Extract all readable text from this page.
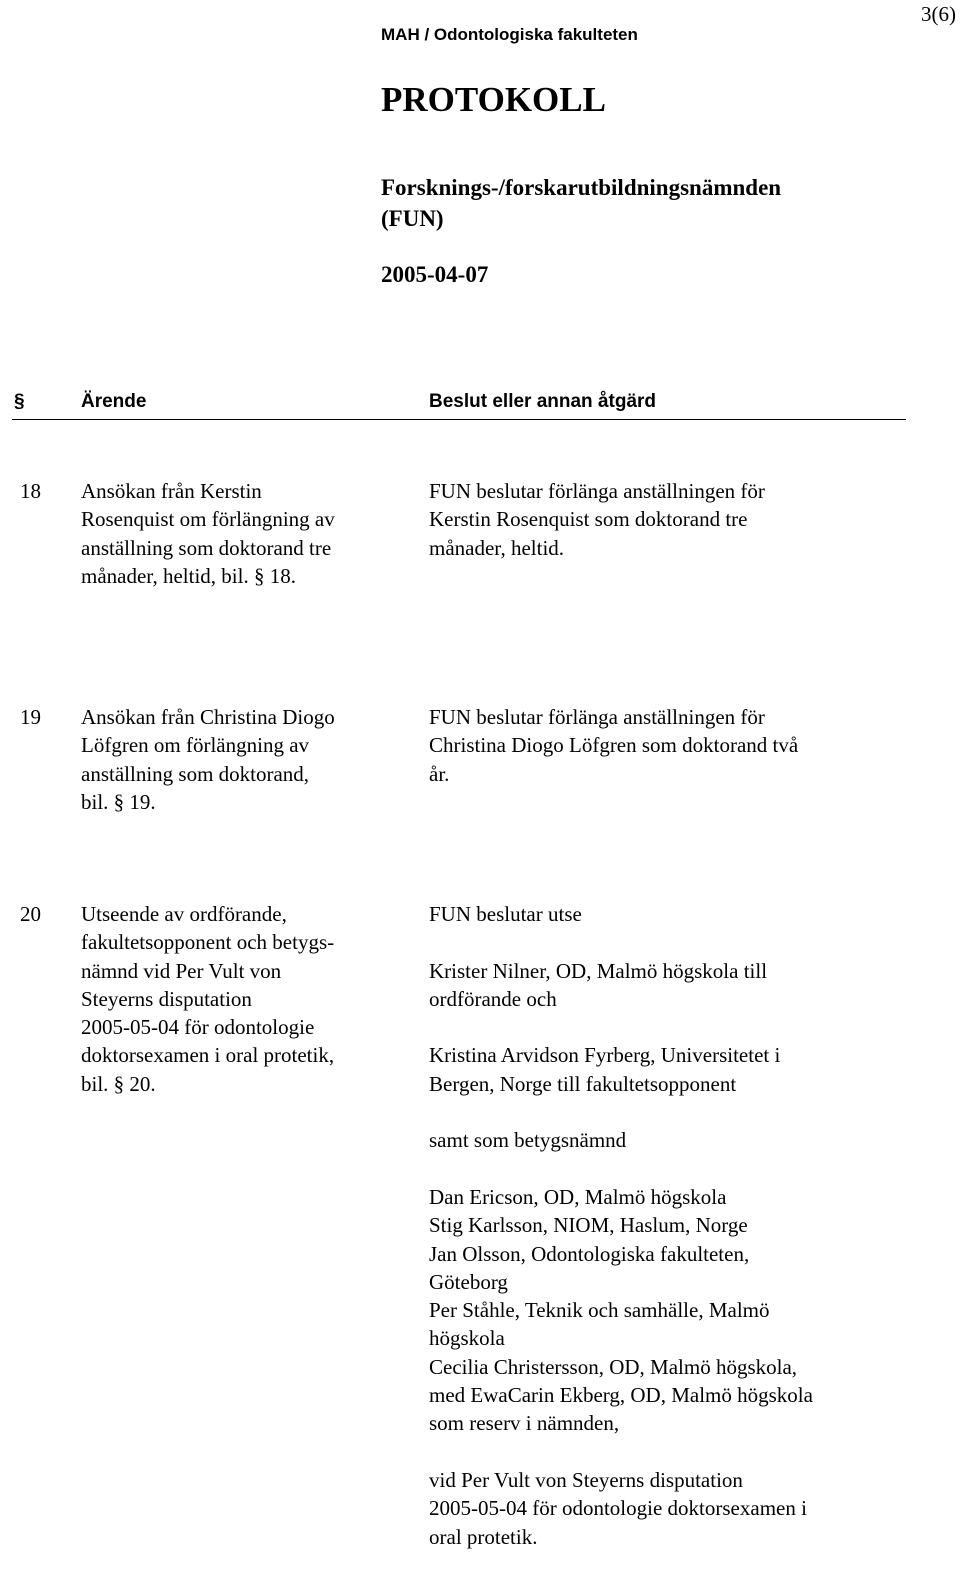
MAH / Odontologiska fakulteten
3(6)
PROTOKOLL
Forsknings-/forskarutbildningsnämnden
(FUN)
2005-04-07
§	Ärende	Beslut eller annan åtgärd
18 Ansökan från Kerstin
Rosenquist om förlängning av
anställning som doktorand tre
månader, heltid, bil. § 18.
FUN beslutar förlänga anställningen för
Kerstin Rosenquist som doktorand tre
månader, heltid.
19 Ansökan från Christina Diogo
Löfgren om förlängning av
anställning som doktorand,
bil. § 19.
FUN beslutar förlänga anställningen för
Christina Diogo Löfgren som doktorand två
år.
20 Utseende av ordförande,
fakultetsopponent och betygs-
nämnd vid Per Vult von
Steyerns disputation
2005-05-04 för odontologie
doktorsexamen i oral protetik,
bil. § 20.
FUN beslutar utse
Krister Nilner, OD, Malmö högskola till
ordförande och
Kristina Arvidson Fyrberg, Universitetet i
Bergen, Norge till fakultetsopponent
samt som betygsnämnd
Dan Ericson, OD, Malmö högskola
Stig Karlsson, NIOM, Haslum, Norge
Jan Olsson, Odontologiska fakulteten,
Göteborg
Per Ståhle, Teknik och samhälle, Malmö
högskola
Cecilia Christersson, OD, Malmö högskola,
med EwaCarin Ekberg, OD, Malmö högskola
som reserv i nämnden,
vid Per Vult von Steyerns disputation
2005-05-04 för odontologie doktorsexamen i
oral protetik.
